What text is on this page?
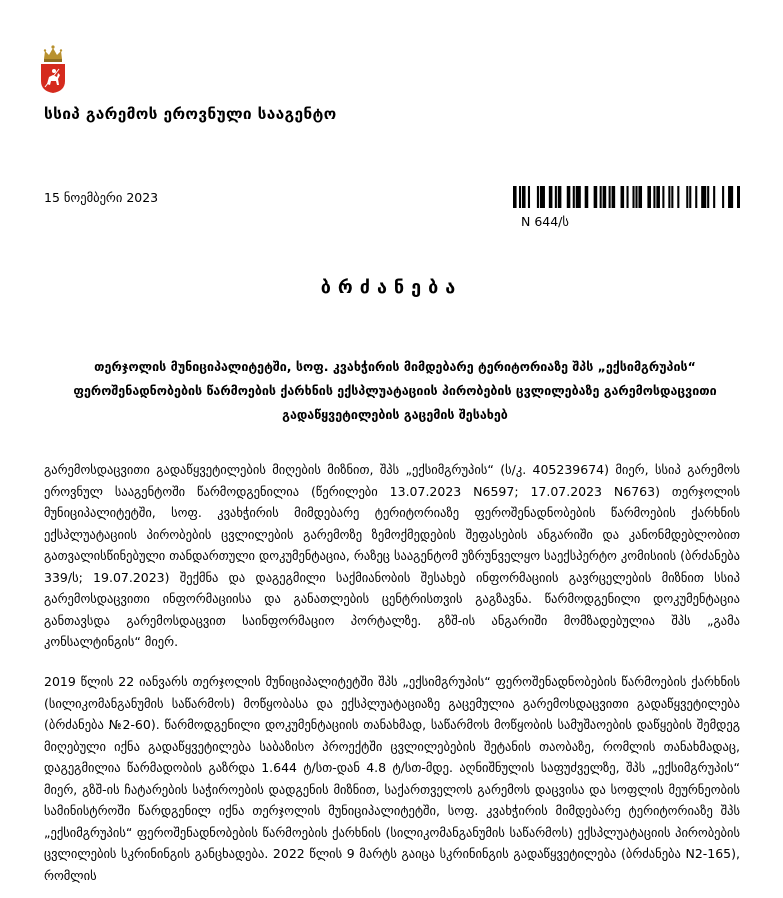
სსიპ გარემოს ეროვნული სააგენტო
15 ნოემბერი 2023
N 644/ს
ბრძანება
თერჯოლის მუნიციპალიტეტში, სოფ. კვახჭირის მიმდებარე ტერიტორიაზე შპს „ექსიმგრუპის“ ფეროშენადნობების წარმოების ქარხნის ექსპლუატაციის პირობების ცვლილებაზე გარემოსდაცვითი გადაწყვეტილების გაცემის შესახებ

გარემოსდაცვითი გადაწყვეტილების მიღების მიზნით, შპს „ექსიმგრუპის“ (ს/კ. 405239674) მიერ, სსიპ გარემოს ეროვნულ სააგენტოში წარმოდგენილია (წერილები 13.07.2023 N6597; 17.07.2023 N6763) თერჯოლის მუნიციპალიტეტში, სოფ. კვახჭირის მიმდებარე ტერიტორიაზე ფეროშენადნობების წარმოების ქარხნის ექსპლუატაციის პირობების ცვლილების გარემოზე ზემოქმედების შეფასების ანგარიში და კანონმდებლობით გათვალისწინებული თანდართული დოკუმენტაცია, რაზეც სააგენტომ უზრუნველყო საექსპერტო კომისიის (ბრძანება 339/ს; 19.07.2023) შექმნა და დაგეგმილი საქმიანობის შესახებ ინფორმაციის გავრცელების მიზნით სსიპ გარემოსდაცვითი ინფორმაციისა და განათლების ცენტრისთვის გაგზავნა. წარმოდგენილი დოკუმენტაცია განთავსდა გარემოსდაცვით საინფორმაციო პორტალზე. გზშ-ის ანგარიში მომზადებულია შპს „გამა კონსალტინგის“ მიერ.

2019 წლის 22 იანვარს თერჯოლის მუნიციპალიტეტში შპს „ექსიმგრუპის“ ფეროშენადნობების წარმოების ქარხნის (სილიკომანგანუმის საწარმოს) მოწყობასა და ექსპლუატაციაზე გაცემულია გარემოსდაცვითი გადაწყვეტილება (ბრძანება №2-60). წარმოდგენილი დოკუმენტაციის თანახმად, საწარმოს მოწყობის სამუშაოების დაწყების შემდეგ მიღებული იქნა გადაწყვეტილება საბაზისო პროექტში ცვლილებების შეტანის თაობაზე, რომლის თანახმადაც, დაგეგმილია წარმადობის გაზრდა 1.644 ტ/სთ-დან 4.8 ტ/სთ-მდე. აღნიშნულის საფუძველზე, შპს „ექსიმგრუპის“ მიერ, გზშ-ის ჩატარების საჭიროების დადგენის მიზნით, საქართველოს გარემოს დაცვისა და სოფლის მეურნეობის სამინისტროში წარდგენილ იქნა თერჯოლის მუნიციპალიტეტში, სოფ. კვახჭირის მიმდებარე ტერიტორიაზე შპს „ექსიმგრუპის“ ფეროშენადნობების წარმოების ქარხნის (სილიკომანგანუმის საწარმოს) ექსპლუატაციის პირობების ცვლილების სკრინინგის განცხადება. 2022 წლის 9 მარტს გაიცა სკრინინგის გადაწყვეტილება (ბრძანება N2-165), რომლის
